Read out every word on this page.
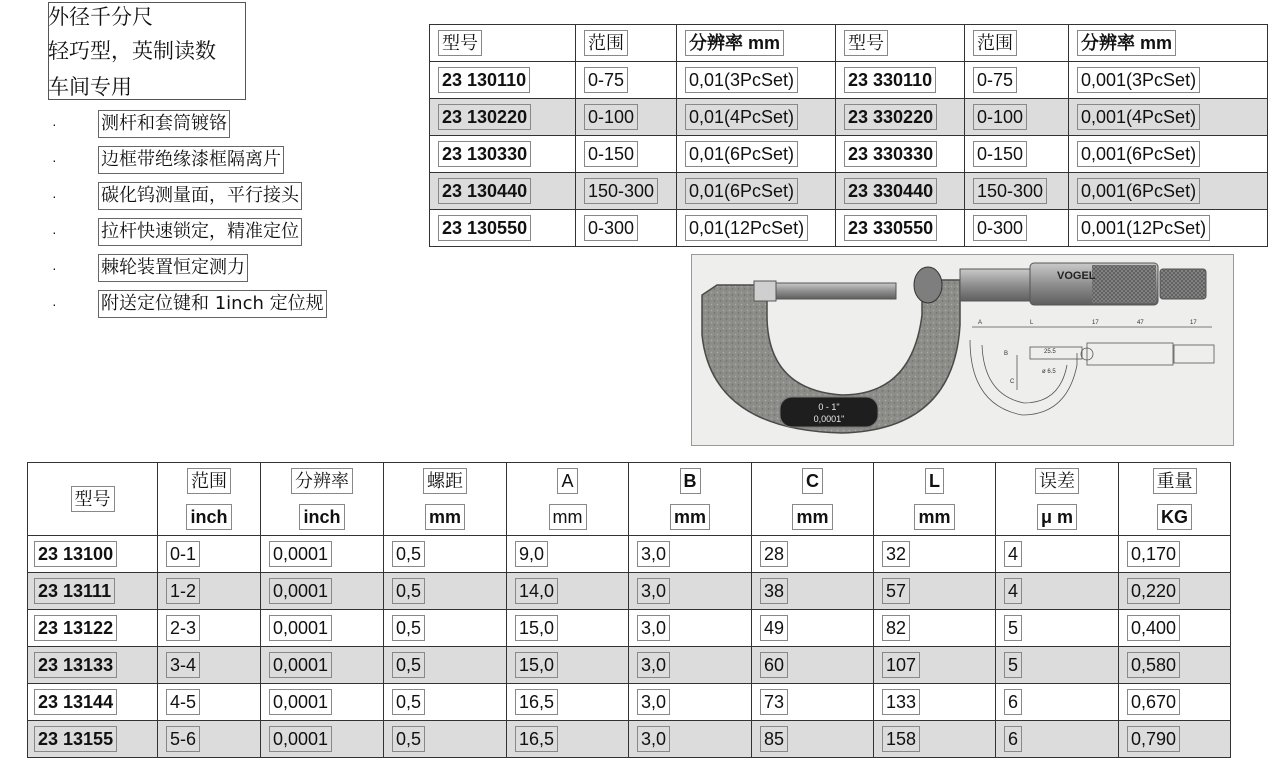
外径千分尺
轻巧型，英制读数
车间专用
· 测杆和套筒镀铬
· 边框带绝缘漆框隔离片
· 碳化钨测量面，平行接头
· 拉杆快速锁定，精准定位
· 棘轮装置恒定测力
· 附送定位键和 1inch 定位规
型号	范围	分辨率 mm	型号	范围	分辨率 mm
23 130110	0-75	0,01(3PcSet)	23 330110	0-75	0,001(3PcSet)
23 130220	0-100	0,01(4PcSet)	23 330220	0-100	0,001(4PcSet)
23 130330	0-150	0,01(6PcSet)	23 330330	0-150	0,001(6PcSet)
23 130440	150-300	0,01(6PcSet)	23 330440	150-300	0,001(6PcSet)
23 130550	0-300	0,01(12PcSet)	23 330550	0-300	0,001(12PcSet)
VOGEL
0 - 1"
0,0001"
A	L	17	47	17
B
C
25.5
ø 6.5
型号	范围	分辨率	螺距	A	B	C	L	误差	重量
	inch	inch	mm	mm	mm	mm	mm	μ m	KG
23 13100	0-1	0,0001	0,5	9,0	3,0	28	32	4	0,170
23 13111	1-2	0,0001	0,5	14,0	3,0	38	57	4	0,220
23 13122	2-3	0,0001	0,5	15,0	3,0	49	82	5	0,400
23 13133	3-4	0,0001	0,5	15,0	3,0	60	107	5	0,580
23 13144	4-5	0,0001	0,5	16,5	3,0	73	133	6	0,670
23 13155	5-6	0,0001	0,5	16,5	3,0	85	158	6	0,790
